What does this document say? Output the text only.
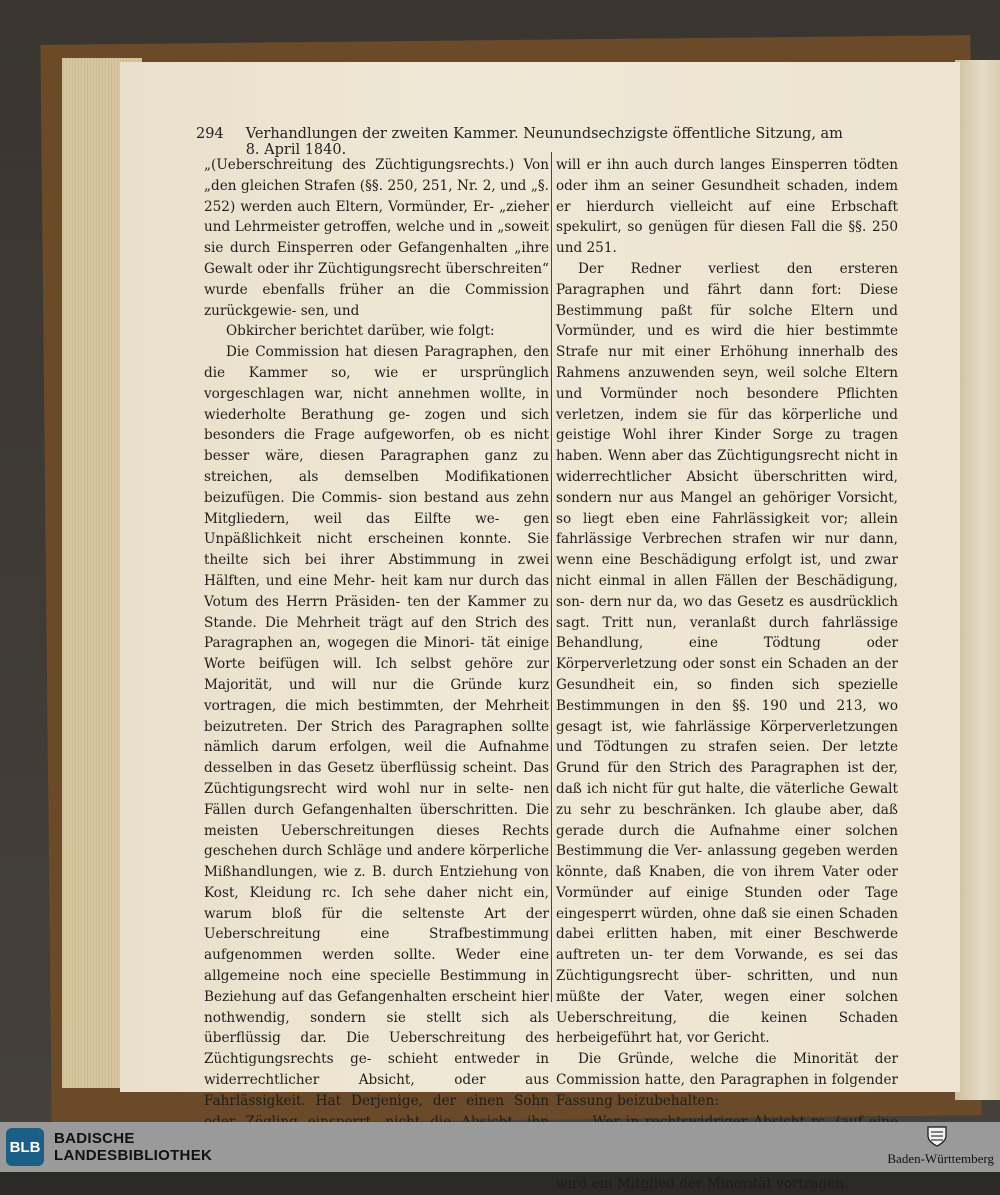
294 Verhandlungen der zweiten Kammer. Neunundsechzigste öffentliche Sitzung, am 8. April 1840.

„(Ueberschreitung des Züchtigungsrechts.) Von „den gleichen Strafen (§§. 250, 251, Nr. 2, und „§. 252) werden auch Eltern, Vormünder, Er- „zieher und Lehrmeister getroffen, welche und in „soweit sie durch Einsperren oder Gefangenhalten „ihre Gewalt oder ihr Züchtigungsrecht überschreiten“ wurde ebenfalls früher an die Commission zurückgewie- sen, und

Obkircher berichtet darüber, wie folgt:

Die Commission hat diesen Paragraphen, den die Kammer so, wie er ursprünglich vorgeschlagen war, nicht annehmen wollte, in wiederholte Berathung ge- zogen und sich besonders die Frage aufgeworfen, ob es nicht besser wäre, diesen Paragraphen ganz zu streichen, als demselben Modifikationen beizufügen. Die Commis- sion bestand aus zehn Mitgliedern, weil das Eilfte we- gen Unpäßlichkeit nicht erscheinen konnte. Sie theilte sich bei ihrer Abstimmung in zwei Hälften, und eine Mehr- heit kam nur durch das Votum des Herrn Präsiden- ten der Kammer zu Stande. Die Mehrheit trägt auf den Strich des Paragraphen an, wogegen die Minori- tät einige Worte beifügen will. Ich selbst gehöre zur Majorität, und will nur die Gründe kurz vortragen, die mich bestimmten, der Mehrheit beizutreten. Der Strich des Paragraphen sollte nämlich darum erfolgen, weil die Aufnahme desselben in das Gesetz überflüssig scheint. Das Züchtigungsrecht wird wohl nur in selte- nen Fällen durch Gefangenhalten überschritten. Die meisten Ueberschreitungen dieses Rechts geschehen durch Schläge und andere körperliche Mißhandlungen, wie z. B. durch Entziehung von Kost, Kleidung rc. Ich sehe daher nicht ein, warum bloß für die seltenste Art der Ueberschreitung eine Strafbestimmung aufgenommen werden sollte. Weder eine allgemeine noch eine specielle Bestimmung in Beziehung auf das Gefangenhalten erscheint hier nothwendig, sondern sie stellt sich als überflüssig dar. Die Ueberschreitung des Züchtigungsrechts ge- schieht entweder in widerrechtlicher Absicht, oder aus Fahrlässigkeit. Hat Derjenige, der einen Sohn

will er ihn auch durch langes Einsperren tödten oder ihm an seiner Gesundheit schaden, indem er hierdurch vielleicht auf eine Erbschaft spekulirt, so genügen für diesen Fall die §§. 250 und 251.

Der Redner verliest den ersteren Paragraphen und fährt dann fort: Diese Bestimmung paßt für solche Eltern und Vormünder, und es wird die hier bestimmte Strafe nur mit einer Erhöhung innerhalb des Rahmens anzuwenden seyn, weil solche Eltern und Vormünder noch besondere Pflichten verletzen, indem sie für das körperliche und geistige Wohl ihrer Kinder Sorge zu tragen haben. Wenn aber das Züchtigungsrecht nicht in widerrechtlicher Absicht überschritten wird, sondern nur aus Mangel an gehöriger Vorsicht, so liegt eben eine Fahrlässigkeit vor; allein fahrlässige Verbrechen strafen wir nur dann, wenn eine Beschädigung erfolgt ist, und zwar nicht einmal in allen Fällen der Beschädigung, son- dern nur da, wo das Gesetz es ausdrücklich sagt. Tritt nun, veranlaßt durch fahrlässige Behandlung, eine Tödtung oder Körperverletzung oder sonst ein Schaden an der Gesundheit ein, so finden sich spezielle Bestimmungen in den §§. 190 und 213, wo gesagt ist, wie fahrlässige Körperverletzungen und Tödtungen zu strafen seien. Der letzte Grund für den Strich des Paragraphen ist der, daß ich nicht für gut halte, die väterliche Gewalt zu sehr zu beschränken. Ich glaube aber, daß gerade durch die Aufnahme einer solchen Bestimmung die Ver- anlassung gegeben werden könnte, daß Knaben, die von ihrem Vater oder Vormünder auf einige Stunden oder Tage eingesperrt würden, ohne daß sie einen Schaden dabei erlitten haben, mit einer Beschwerde auftreten un- ter dem Vorwande, es sei das Züchtigungsrecht über- schritten, und nun müßte der Vater, wegen einer solchen Ueberschreitung, die keinen Schaden herbeigeführt hat, vor Gericht.

Die Gründe, welche die Minorität der Commission hatte, den Paragraphen in folgender Fassung beizubehalten:

wird ein Mitglied der Minorität vortragen.

BLB BADISCHE
LANDESBIBLIOTHEK	Baden-Württemberg
